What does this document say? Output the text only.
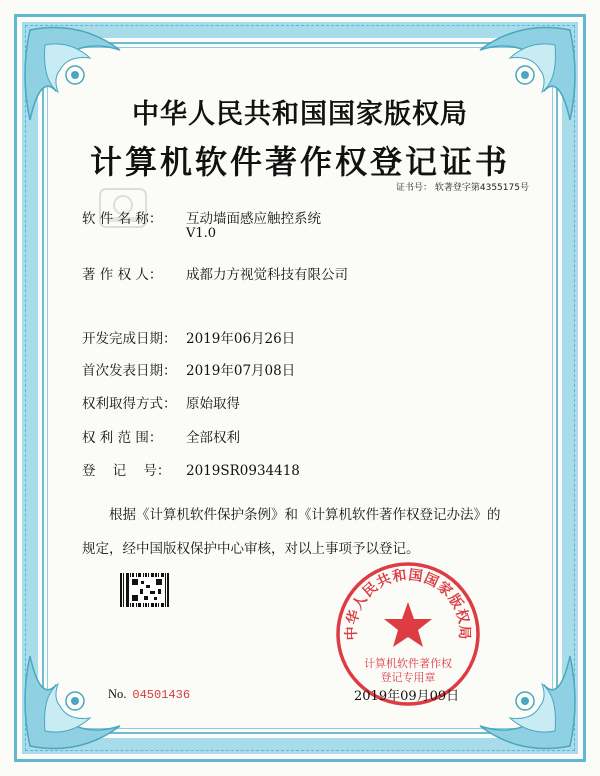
中华人民共和国国家版权局
计算机软件著作权登记证书
证书号： 软著登字第4355175号
软 件 名 称： 互动墙面感应触控系统
V1.0
著 作 权 人： 成都力方视觉科技有限公司
开发完成日期： 2019年06月26日
首次发表日期： 2019年07月08日
权利取得方式： 原始取得
权 利 范 围： 全部权利
登    记    号： 2019SR0934418
根据《计算机软件保护条例》和《计算机软件著作权登记办法》的
规定，经中国版权保护中心审核，对以上事项予以登记。
中华人民共和国国家版权局
计算机软件著作权
登记专用章
No. 04501436	2019年09月09日
